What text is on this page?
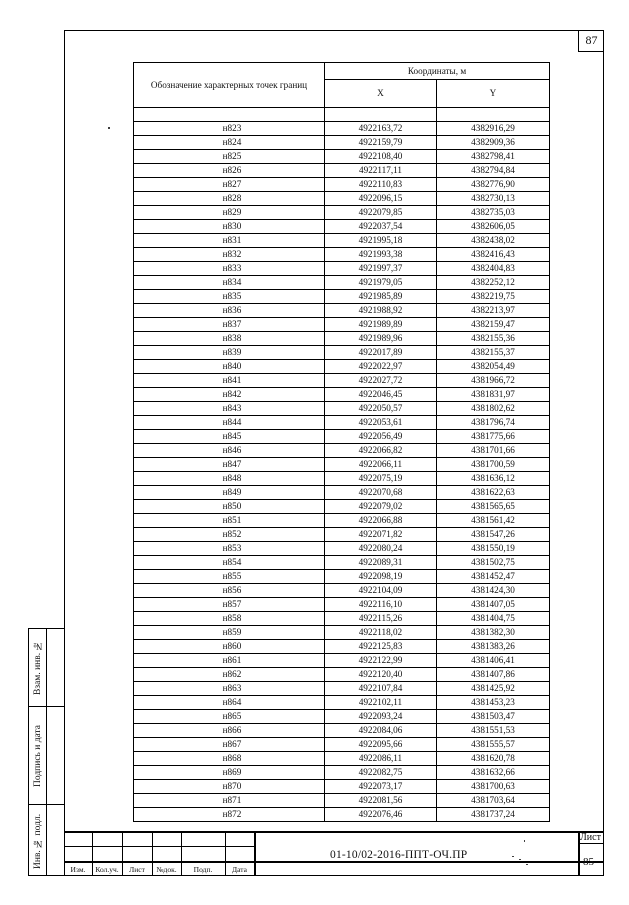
87
Взам. инв. №
Подпись и дата
Инв. № подл.
Обозначение характерных точек границ	Координаты, м	
	X	Y

н823	4922163,72	4382916,29
н824	4922159,79	4382909,36
н825	4922108,40	4382798,41
н826	4922117,11	4382794,84
н827	4922110,83	4382776,90
н828	4922096,15	4382730,13
н829	4922079,85	4382735,03
н830	4922037,54	4382606,05
н831	4921995,18	4382438,02
н832	4921993,38	4382416,43
н833	4921997,37	4382404,83
н834	4921979,05	4382252,12
н835	4921985,89	4382219,75
н836	4921988,92	4382213,97
н837	4921989,89	4382159,47
н838	4921989,96	4382155,36
н839	4922017,89	4382155,37
н840	4922022,97	4382054,49
н841	4922027,72	4381966,72
н842	4922046,45	4381831,97
н843	4922050,57	4381802,62
н844	4922053,61	4381796,74
н845	4922056,49	4381775,66
н846	4922066,82	4381701,66
н847	4922066,11	4381700,59
н848	4922075,19	4381636,12
н849	4922070,68	4381622,63
н850	4922079,02	4381565,65
н851	4922066,88	4381561,42
н852	4922071,82	4381547,26
н853	4922080,24	4381550,19
н854	4922089,31	4381502,75
н855	4922098,19	4381452,47
н856	4922104,09	4381424,30
н857	4922116,10	4381407,05
н858	4922115,26	4381404,75
н859	4922118,02	4381382,30
н860	4922125,83	4381383,26
н861	4922122,99	4381406,41
н862	4922120,40	4381407,86
н863	4922107,84	4381425,92
н864	4922102,11	4381453,23
н865	4922093,24	4381503,47
н866	4922084,06	4381551,53
н867	4922095,66	4381555,57
н868	4922086,11	4381620,78
н869	4922082,75	4381632,66
н870	4922073,17	4381700,63
н871	4922081,56	4381703,64
н872	4922076,46	4381737,24
Изм.	Кол.уч.	Лист	№док.	Подп.	Дата
01-10/02-2016-ППТ-ОЧ.ПР
Лист
85
